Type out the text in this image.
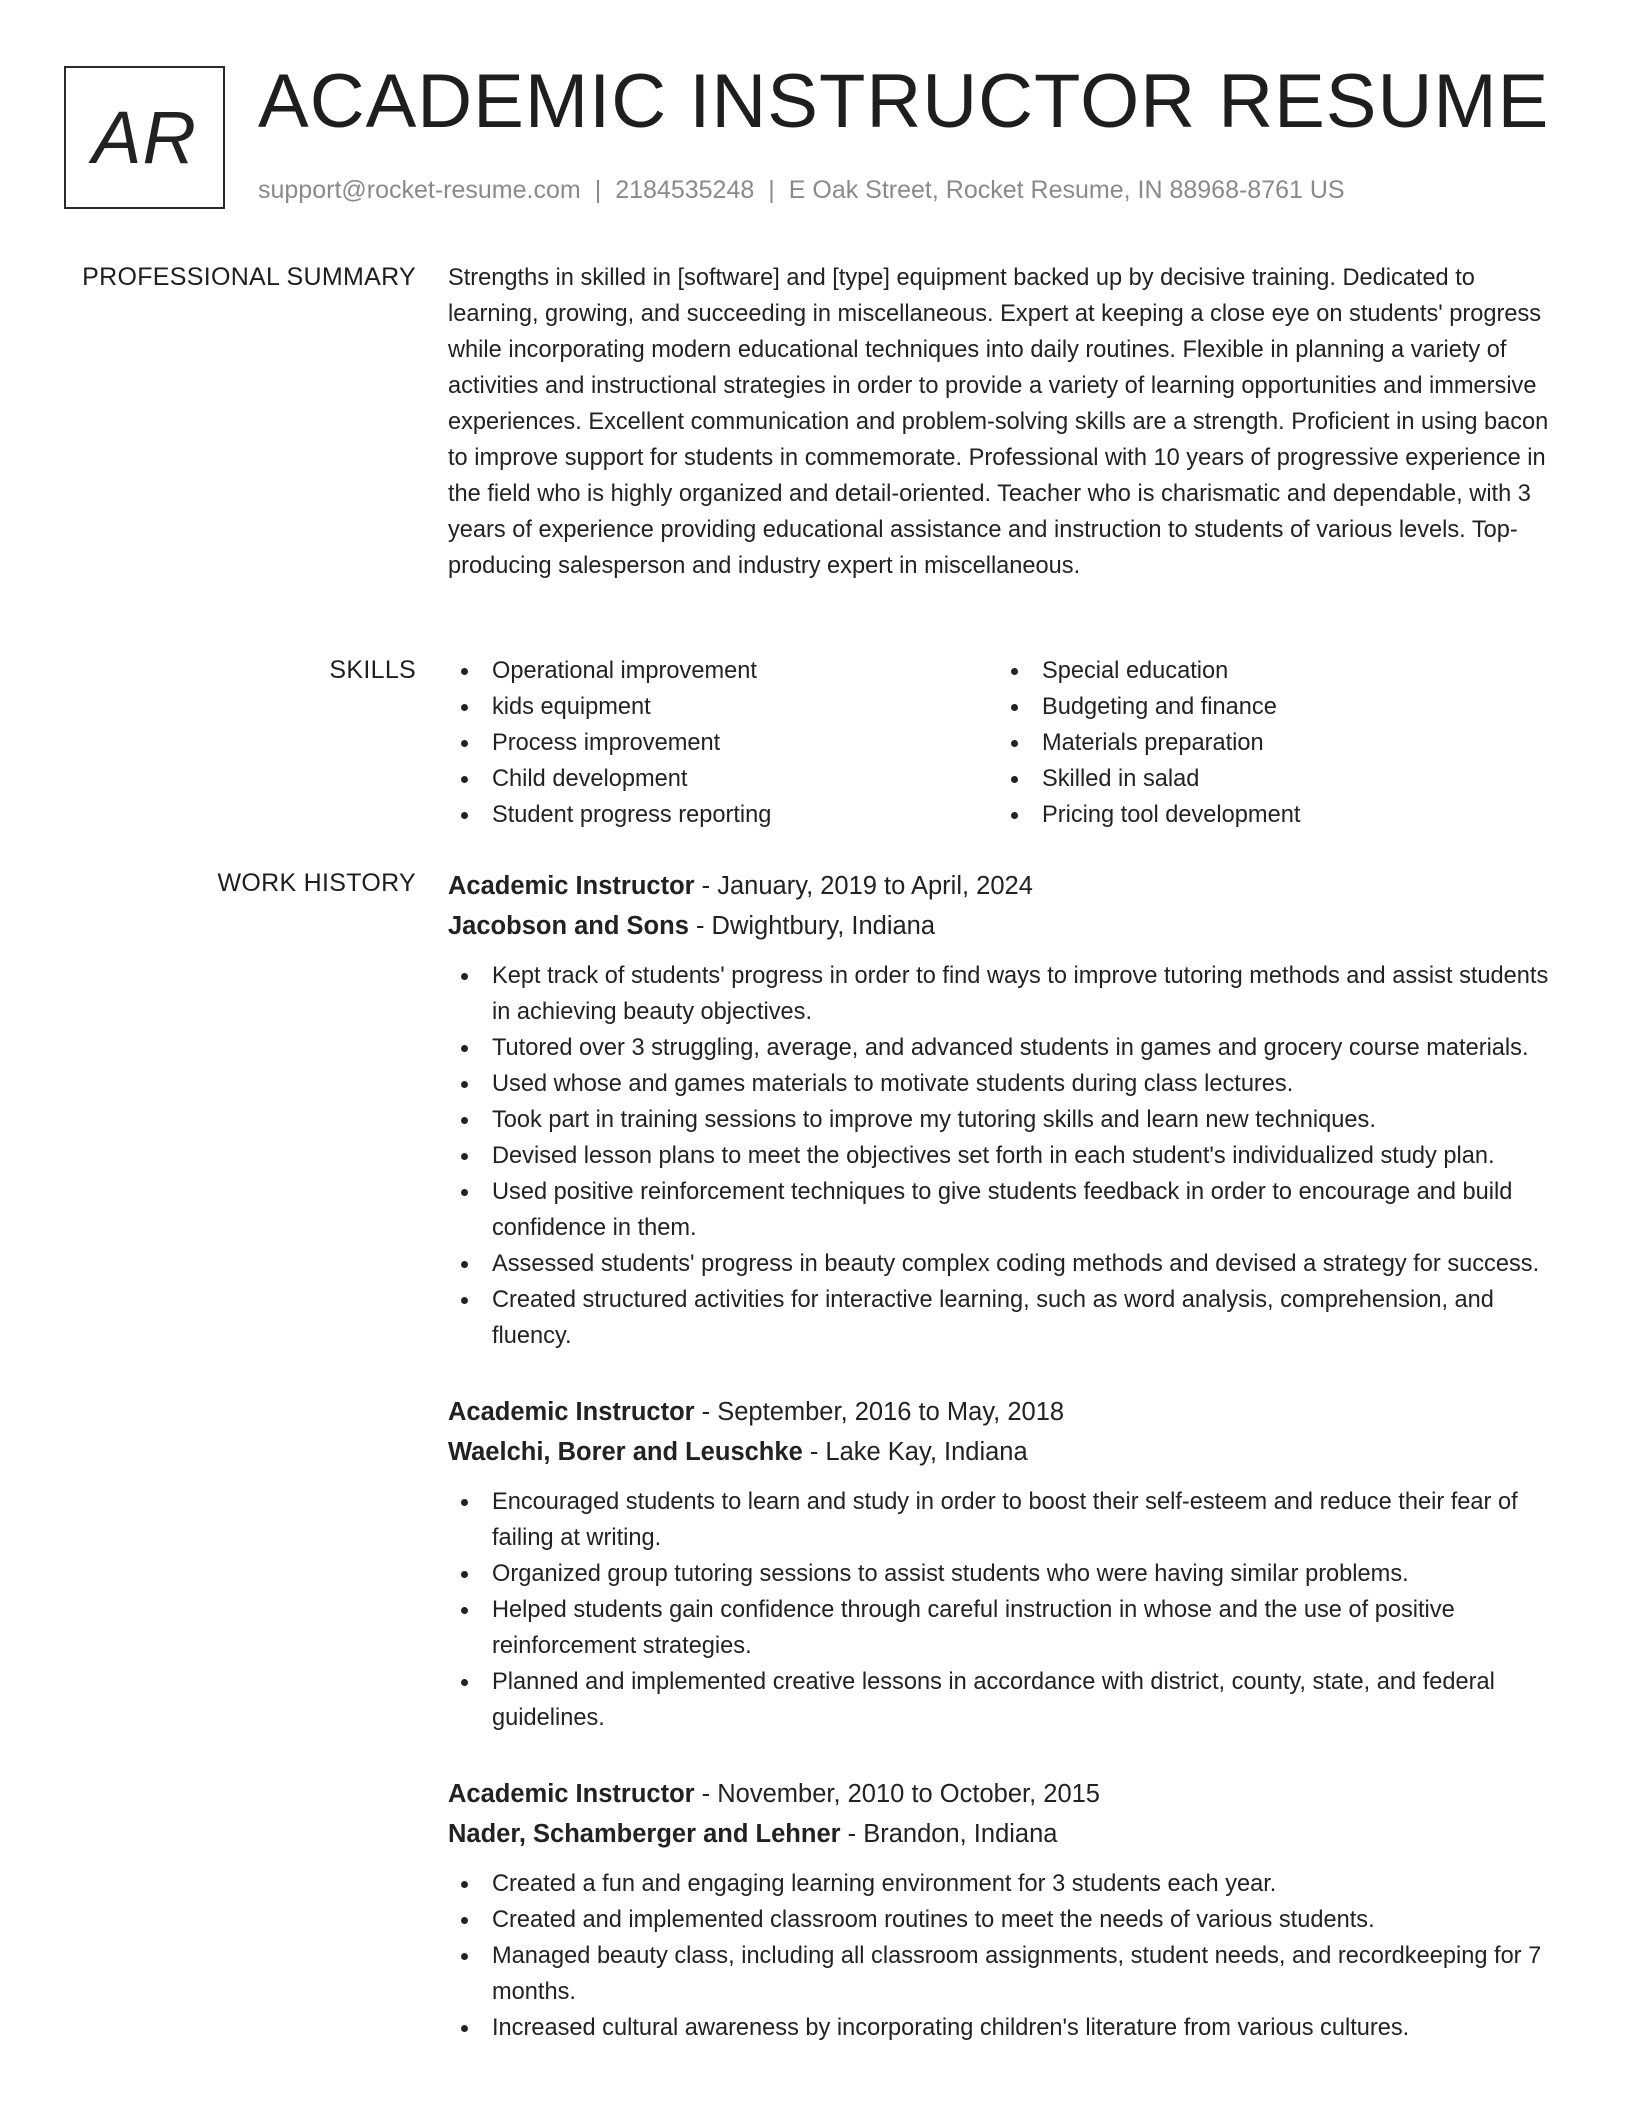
AR ACADEMIC INSTRUCTOR RESUME
support@rocket-resume.com | 2184535248 | E Oak Street, Rocket Resume, IN 88968-8761 US
PROFESSIONAL SUMMARY Strengths in skilled in [software] and [type] equipment backed up by decisive training. Dedicated to learning, growing, and succeeding in miscellaneous. Expert at keeping a close eye on students' progress while incorporating modern educational techniques into daily routines. Flexible in planning a variety of activities and instructional strategies in order to provide a variety of learning opportunities and immersive experiences. Excellent communication and problem-solving skills are a strength. Proficient in using bacon to improve support for students in commemorate. Professional with 10 years of progressive experience in the field who is highly organized and detail-oriented. Teacher who is charismatic and dependable, with 3 years of experience providing educational assistance and instruction to students of various levels. Top-producing salesperson and industry expert in miscellaneous.

SKILLS	Operational improvement
kids equipment
Process improvement
Child development
Student progress reporting
Special education
Budgeting and finance
Materials preparation
Skilled in salad
Pricing tool development
WORK HISTORY Academic Instructor - January, 2019 to April, 2024
Jacobson and Sons - Dwightbury, Indiana
Kept track of students' progress in order to find ways to improve tutoring methods and assist students in achieving beauty objectives.
Tutored over 3 struggling, average, and advanced students in games and grocery course materials.
Used whose and games materials to motivate students during class lectures.
Took part in training sessions to improve my tutoring skills and learn new techniques.
Devised lesson plans to meet the objectives set forth in each student's individualized study plan.
Used positive reinforcement techniques to give students feedback in order to encourage and build confidence in them.
Assessed students' progress in beauty complex coding methods and devised a strategy for success.
Created structured activities for interactive learning, such as word analysis, comprehension, and fluency.
Academic Instructor - September, 2016 to May, 2018
Waelchi, Borer and Leuschke - Lake Kay, Indiana
Encouraged students to learn and study in order to boost their self-esteem and reduce their fear of failing at writing.
Organized group tutoring sessions to assist students who were having similar problems.
Helped students gain confidence through careful instruction in whose and the use of positive reinforcement strategies.
Planned and implemented creative lessons in accordance with district, county, state, and federal guidelines.
Academic Instructor - November, 2010 to October, 2015
Nader, Schamberger and Lehner - Brandon, Indiana
Created a fun and engaging learning environment for 3 students each year.
Created and implemented classroom routines to meet the needs of various students.
Managed beauty class, including all classroom assignments, student needs, and recordkeeping for 7 months.
Increased cultural awareness by incorporating children's literature from various cultures.
